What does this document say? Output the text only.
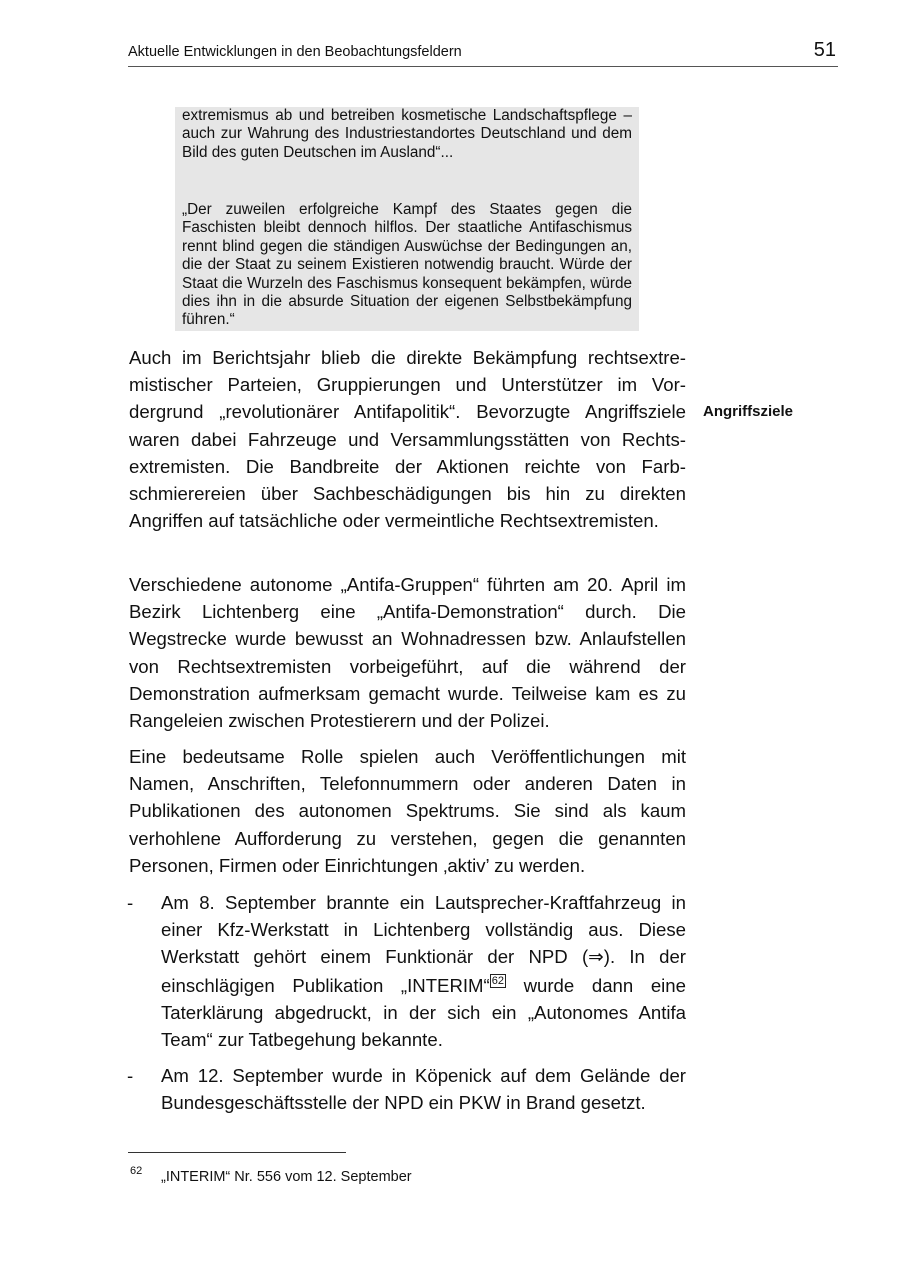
Aktuelle Entwicklungen in den Beobachtungsfeldern	51

extremismus ab und betreiben kosmetische Landschaftspflege – auch zur Wahrung des Industriestandortes Deutschland und dem Bild des guten Deutschen im Ausland“...

„Der zuweilen erfolgreiche Kampf des Staates gegen die Faschisten bleibt dennoch hilflos. Der staatliche Antifaschismus rennt blind gegen die ständigen Auswüchse der Bedingungen an, die der Staat zu seinem Existieren notwendig braucht. Würde der Staat die Wurzeln des Faschismus konsequent bekämpfen, würde dies ihn in die absurde Situation der eigenen Selbstbekämpfung führen.“

Auch im Berichtsjahr blieb die direkte Bekämpfung rechtsextremistischer Parteien, Gruppierungen und Unterstützer im Vordergrund „revolutionärer Antifapolitik“. Bevorzugte Angriffsziele waren dabei Fahrzeuge und Versammlungsstätten von Rechtsextremisten. Die Bandbreite der Aktionen reichte von Farbschmierereien über Sachbeschädigungen bis hin zu direkten Angriffen auf tatsächliche oder vermeintliche Rechtsextremisten.

Angriffsziele

Verschiedene autonome „Antifa-Gruppen“ führten am 20. April im Bezirk Lichtenberg eine „Antifa-Demonstration“ durch. Die Wegstrecke wurde bewusst an Wohnadressen bzw. Anlaufstellen von Rechtsextremisten vorbeigeführt, auf die während der Demonstration aufmerksam gemacht wurde. Teilweise kam es zu Rangeleien zwischen Protestierern und der Polizei.

Eine bedeutsame Rolle spielen auch Veröffentlichungen mit Namen, Anschriften, Telefonnummern oder anderen Daten in Publikationen des autonomen Spektrums. Sie sind als kaum verhohlene Aufforderung zu verstehen, gegen die genannten Personen, Firmen oder Einrichtungen ‚aktiv’ zu werden.

- Am 8. September brannte ein Lautsprecher-Kraftfahrzeug in einer Kfz-Werkstatt in Lichtenberg vollständig aus. Diese Werkstatt gehört einem Funktionär der NPD (⇒). In der einschlägigen Publikation „INTERIM“ $^{62}$ wurde dann eine Taterklärung abgedruckt, in der sich ein „Autonomes Antifa Team“ zur Tatbegehung bekannte.

- Am 12. September wurde in Köpenick auf dem Gelände der Bundesgeschäftsstelle der NPD ein PKW in Brand gesetzt.

62 „INTERIM“ Nr. 556 vom 12. September
